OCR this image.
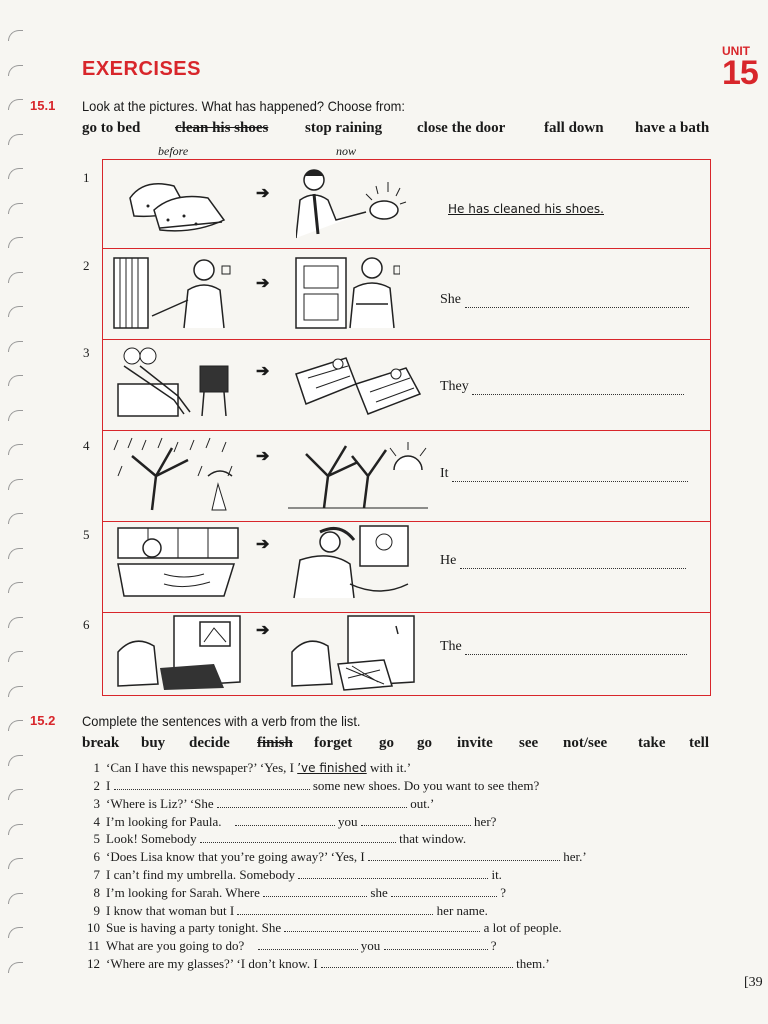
EXERCISES
UNIT
15
15.1 Look at the pictures. What has happened? Choose from:
go to bed clean his shoes stop raining close the door	fall down have a bath
before	now
1
2
3
4
5
6
➔
➔
➔
➔
➔
➔
He has cleaned his shoes.
She
They
It
He
The
15.2 Complete the sentences with a verb from the list.
break buy decide finish forget go go invite see not/see take tell
1 ‘Can I have this newspaper?’ ‘Yes, I ’ve finished with it.’
2 I	some new shoes. Do you want to see them?
3 ‘Where is Liz?’ ‘She	out.’
4 I’m looking for Paula.	you	her?
5 Look! Somebody	that window.
6 ‘Does Lisa know that you’re going away?’ ‘Yes, I	her.’
7 I can’t find my umbrella. Somebody	it.
8 I’m looking for Sarah. Where	she	?
9 I know that woman but I	her name.
10 Sue is having a party tonight. She	a lot of people.
11 What are you going to do?	you	?
12 ‘Where are my glasses?’ ‘I don’t know. I	them.’
[39
